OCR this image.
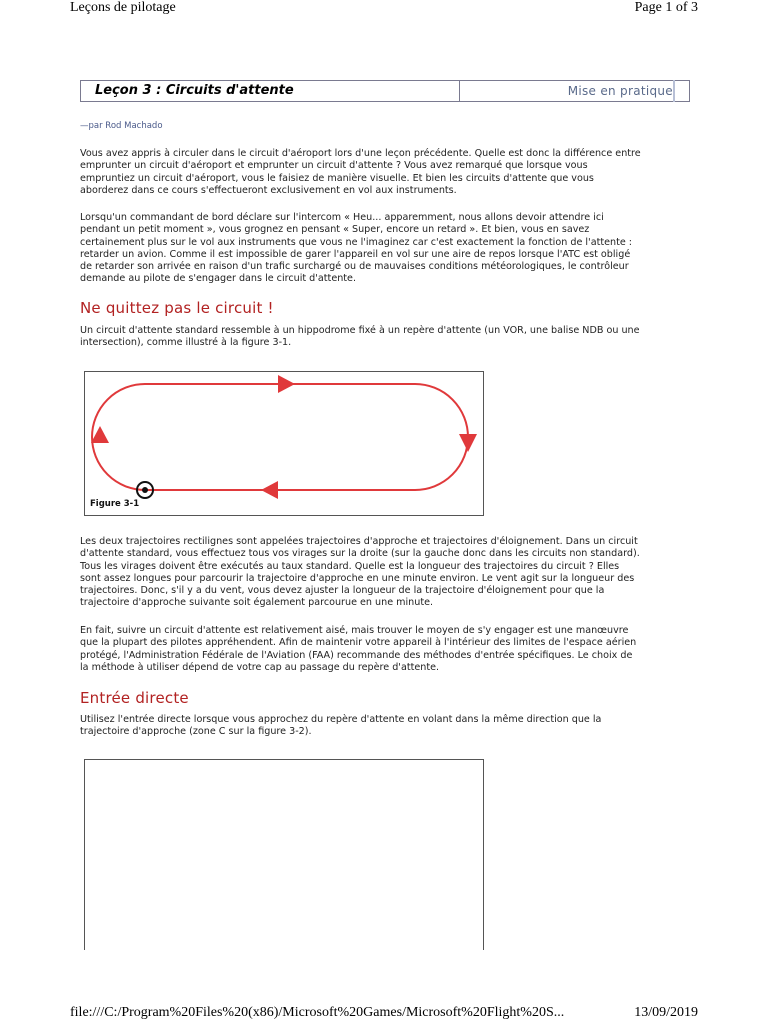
Leçons de pilotage	Page 1 of 3
Leçon 3 : Circuits d'attente	Mise en pratique
—par Rod Machado
Vous avez appris à circuler dans le circuit d'aéroport lors d'une leçon précédente. Quelle est donc la différence entre
emprunter un circuit d'aéroport et emprunter un circuit d'attente ? Vous avez remarqué que lorsque vous
empruntiez un circuit d'aéroport, vous le faisiez de manière visuelle. Et bien les circuits d'attente que vous
aborderez dans ce cours s'effectueront exclusivement en vol aux instruments.
Lorsqu'un commandant de bord déclare sur l'intercom « Heu... apparemment, nous allons devoir attendre ici
pendant un petit moment », vous grognez en pensant « Super, encore un retard ». Et bien, vous en savez
certainement plus sur le vol aux instruments que vous ne l'imaginez car c'est exactement la fonction de l'attente :
retarder un avion. Comme il est impossible de garer l'appareil en vol sur une aire de repos lorsque l'ATC est obligé
de retarder son arrivée en raison d'un trafic surchargé ou de mauvaises conditions météorologiques, le contrôleur
demande au pilote de s'engager dans le circuit d'attente.
Ne quittez pas le circuit !
Un circuit d'attente standard ressemble à un hippodrome fixé à un repère d'attente (un VOR, une balise NDB ou une
intersection), comme illustré à la figure 3-1.
Figure 3-1
Les deux trajectoires rectilignes sont appelées trajectoires d'approche et trajectoires d'éloignement. Dans un circuit
d'attente standard, vous effectuez tous vos virages sur la droite (sur la gauche donc dans les circuits non standard).
Tous les virages doivent être exécutés au taux standard. Quelle est la longueur des trajectoires du circuit ? Elles
sont assez longues pour parcourir la trajectoire d'approche en une minute environ. Le vent agit sur la longueur des
trajectoires. Donc, s'il y a du vent, vous devez ajuster la longueur de la trajectoire d'éloignement pour que la
trajectoire d'approche suivante soit également parcourue en une minute.
En fait, suivre un circuit d'attente est relativement aisé, mais trouver le moyen de s'y engager est une manœuvre
que la plupart des pilotes appréhendent. Afin de maintenir votre appareil à l'intérieur des limites de l'espace aérien
protégé, l'Administration Fédérale de l'Aviation (FAA) recommande des méthodes d'entrée spécifiques. Le choix de
la méthode à utiliser dépend de votre cap au passage du repère d'attente.
Entrée directe
Utilisez l'entrée directe lorsque vous approchez du repère d'attente en volant dans la même direction que la
trajectoire d'approche (zone C sur la figure 3-2).
file:///C:/Program%20Files%20(x86)/Microsoft%20Games/Microsoft%20Flight%20S...	13/09/2019
